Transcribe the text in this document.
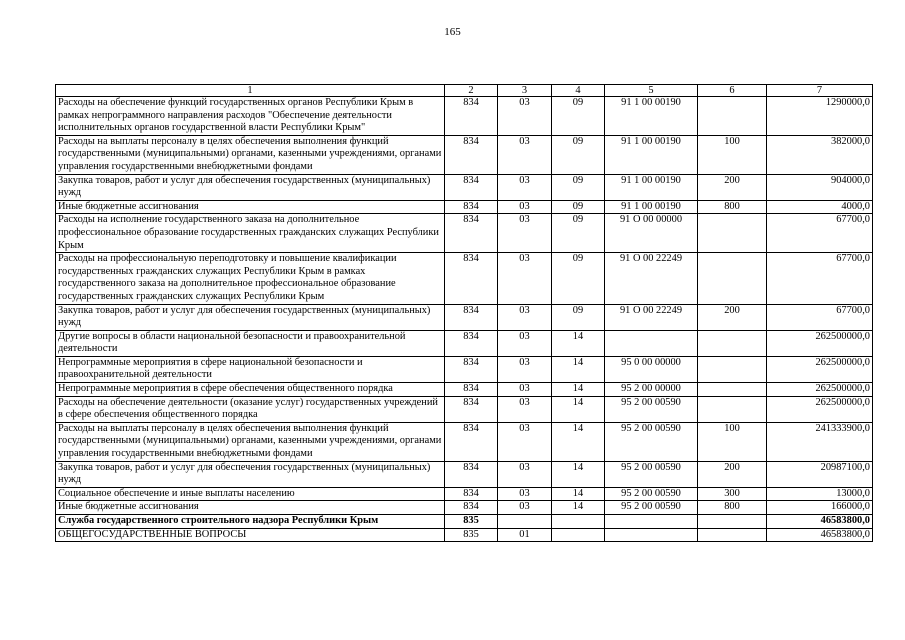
165
1	2	3	4	5	6	7
Расходы на обеспечение функций государственных органов Республики Крым в рамках непрограммного направления расходов "Обеспечение деятельности исполнительных органов государственной власти Республики Крым"	834	03	09	91 1 00 00190		1290000,0
Расходы на выплаты персоналу в целях обеспечения выполнения функций государственными (муниципальными) органами, казенными учреждениями, органами управления государственными внебюджетными фондами	834	03	09	91 1 00 00190	100	382000,0
Закупка товаров, работ и услуг для обеспечения государственных (муниципальных) нужд	834	03	09	91 1 00 00190	200	904000,0
Иные бюджетные ассигнования	834	03	09	91 1 00 00190	800	4000,0
Расходы на исполнение государственного заказа на дополнительное профессиональное образование государственных гражданских служащих Республики Крым	834	03	09	91 О 00 00000		67700,0
Расходы на профессиональную переподготовку и повышение квалификации государственных гражданских служащих Республики Крым в рамках государственного заказа на дополнительное профессиональное образование государственных гражданских служащих Республики Крым	834	03	09	91 О 00 22249		67700,0
Закупка товаров, работ и услуг для обеспечения государственных (муниципальных) нужд	834	03	09	91 О 00 22249	200	67700,0
Другие вопросы в области национальной безопасности и правоохранительной деятельности	834	03	14			262500000,0
Непрограммные мероприятия в сфере национальной безопасности и правоохранительной деятельности	834	03	14	95 0 00 00000		262500000,0
Непрограммные мероприятия в сфере обеспечения общественного порядка	834	03	14	95 2 00 00000		262500000,0
Расходы на обеспечение деятельности (оказание услуг) государственных учреждений в сфере обеспечения общественного порядка	834	03	14	95 2 00 00590		262500000,0
Расходы на выплаты персоналу в целях обеспечения выполнения функций государственными (муниципальными) органами, казенными учреждениями, органами управления государственными внебюджетными фондами	834	03	14	95 2 00 00590	100	241333900,0
Закупка товаров, работ и услуг для обеспечения государственных (муниципальных) нужд	834	03	14	95 2 00 00590	200	20987100,0
Социальное обеспечение и иные выплаты населению	834	03	14	95 2 00 00590	300	13000,0
Иные бюджетные ассигнования	834	03	14	95 2 00 00590	800	166000,0
Служба государственного строительного надзора Республики Крым	835					46583800,0
ОБЩЕГОСУДАРСТВЕННЫЕ ВОПРОСЫ	835	01				46583800,0
